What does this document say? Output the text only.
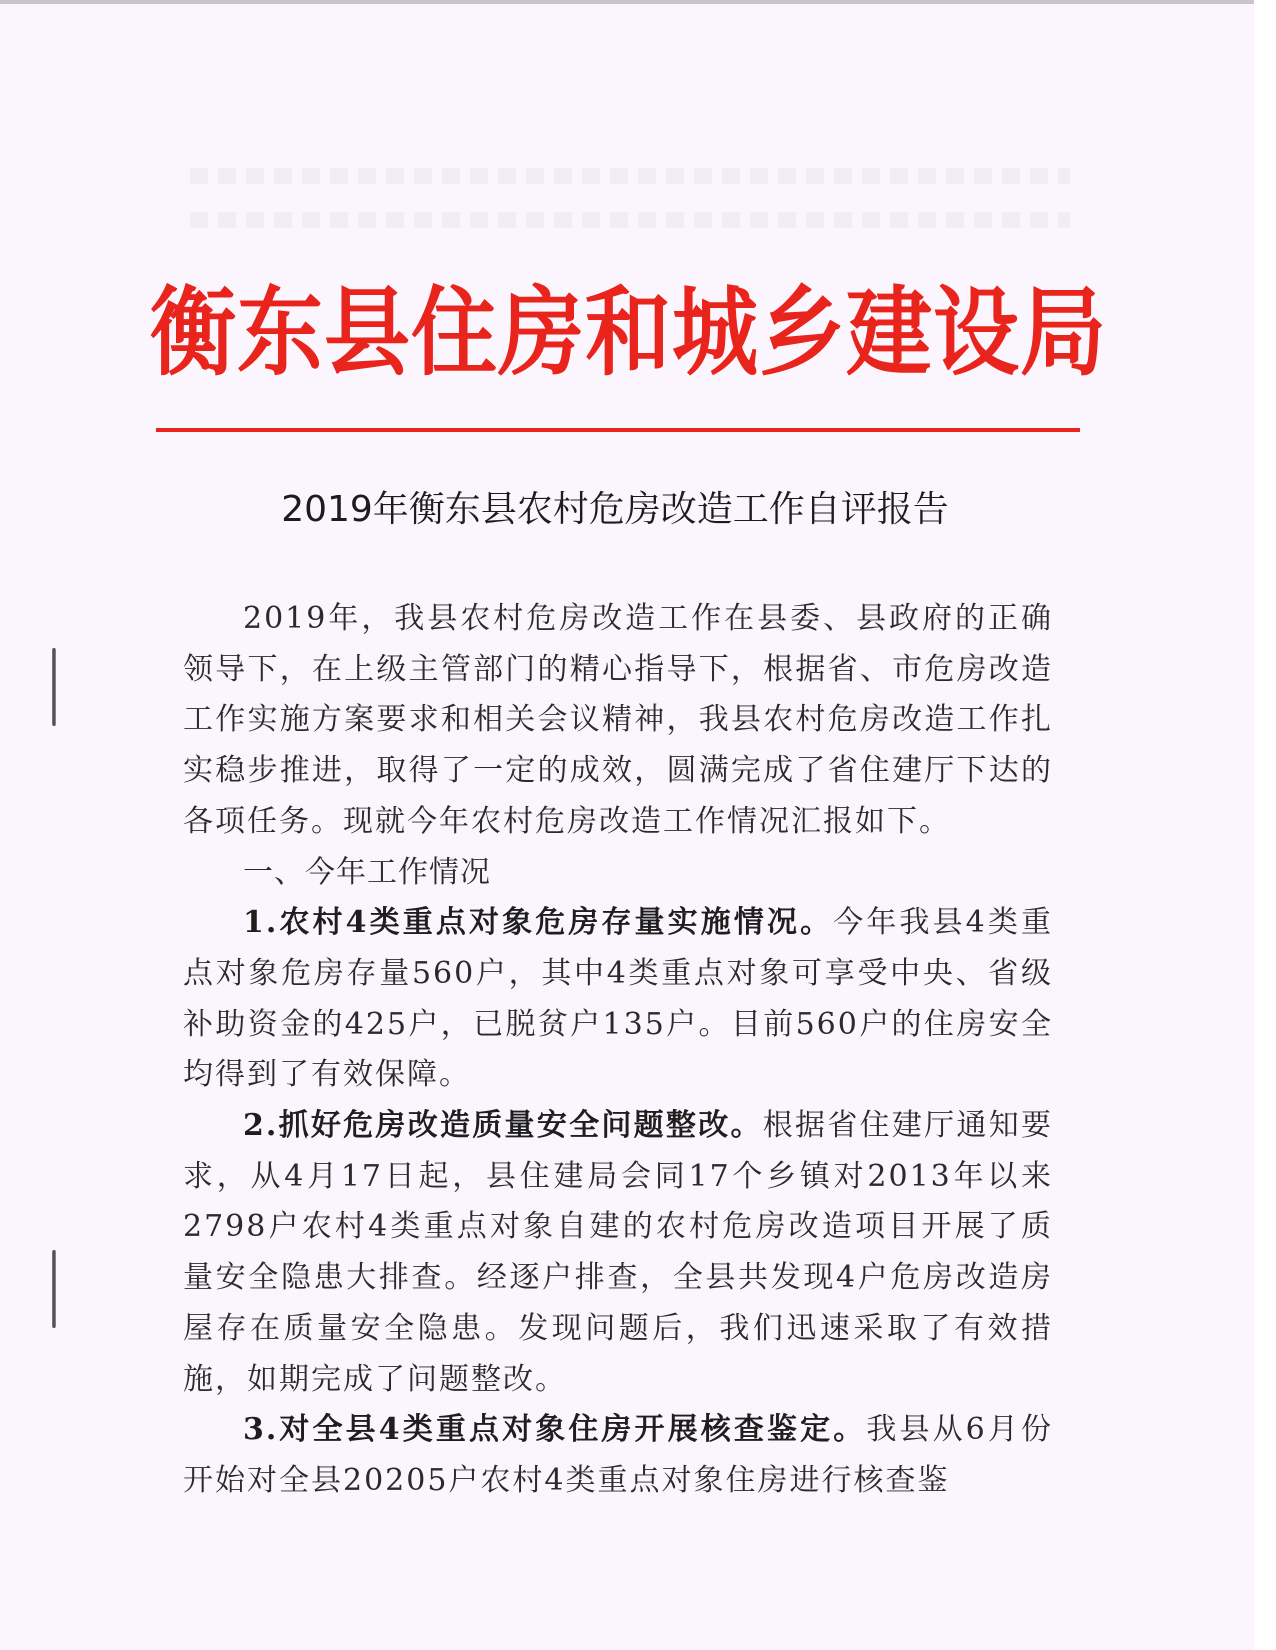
衡东县住房和城乡建设局
2019年衡东县农村危房改造工作自评报告

2019年，我县农村危房改造工作在县委、县政府的正确领导下，在上级主管部门的精心指导下，根据省、市危房改造工作实施方案要求和相关会议精神，我县农村危房改造工作扎实稳步推进，取得了一定的成效，圆满完成了省住建厅下达的各项任务。现就今年农村危房改造工作情况汇报如下。

一、今年工作情况

1.农村4类重点对象危房存量实施情况。今年我县4类重点对象危房存量560户，其中4类重点对象可享受中央、省级补助资金的425户，已脱贫户135户。目前560户的住房安全均得到了有效保障。

2.抓好危房改造质量安全问题整改。根据省住建厅通知要求，从4月17日起，县住建局会同17个乡镇对2013年以来2798户农村4类重点对象自建的农村危房改造项目开展了质量安全隐患大排查。经逐户排查，全县共发现4户危房改造房屋存在质量安全隐患。发现问题后，我们迅速采取了有效措施，如期完成了问题整改。

3.对全县4类重点对象住房开展核查鉴定。我县从6月份开始对全县20205户农村4类重点对象住房进行核查鉴
